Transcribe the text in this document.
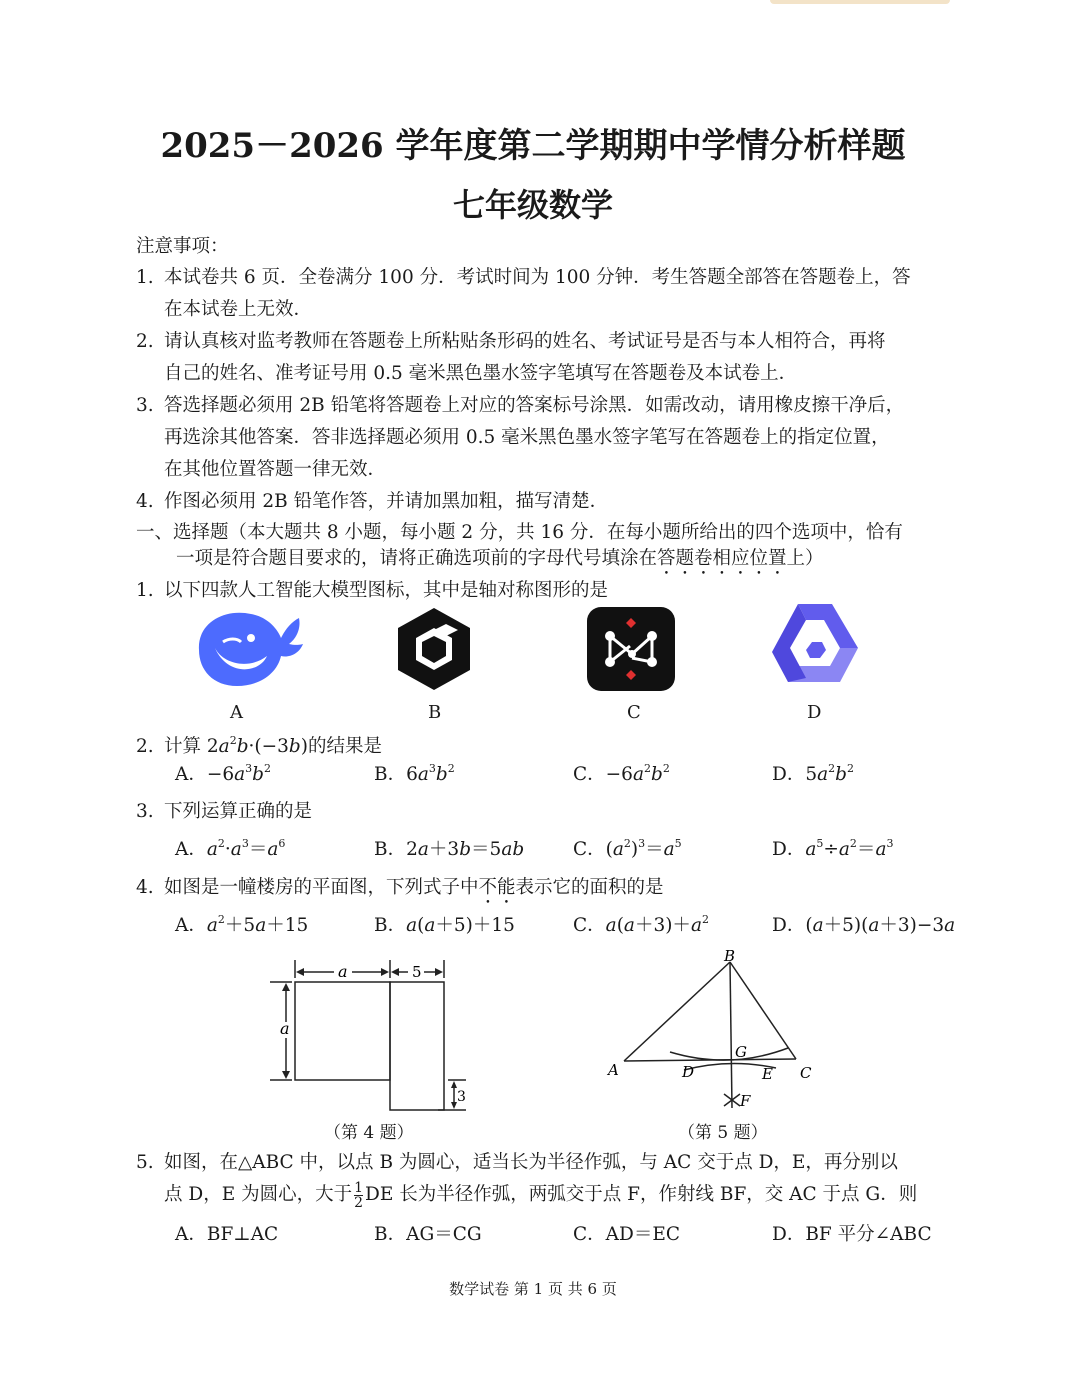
2025－2026 学年度第二学期期中学情分析样题
七年级数学
注意事项：
1. 本试卷共 6 页．全卷满分 100 分．考试时间为 100 分钟．考生答题全部答在答题卷上，答
在本试卷上无效．
2. 请认真核对监考教师在答题卷上所粘贴条形码的姓名、考试证号是否与本人相符合，再将
自己的姓名、准考证号用 0.5 毫米黑色墨水签字笔填写在答题卷及本试卷上．
3. 答选择题必须用 2B 铅笔将答题卷上对应的答案标号涂黑．如需改动，请用橡皮擦干净后，
再选涂其他答案．答非选择题必须用 0.5 毫米黑色墨水签字笔写在答题卷上的指定位置，
在其他位置答题一律无效．
4. 作图必须用 2B 铅笔作答，并请加黑加粗，描写清楚．
一、选择题（本大题共 8 小题，每小题 2 分，共 16 分．在每小题所给出的四个选项中，恰有
一项是符合题目要求的，请将正确选项前的字母代号填涂在答题卷相应位置上）
1. 以下四款人工智能大模型图标，其中是轴对称图形的是
A	B	C	D
2. 计算 $2a^2b\cdot(-3b)$的结果是
A．$-6a^3b^2$	B．$6a^3b^2$	C．$-6a^2b^2$	D．$5a^2b^2$
3. 下列运算正确的是
A．$a^2\cdot a^3=a^6$	B．2a＋3b＝5ab	C．$(a^2)^3=a^5$	D．$a^5\div a^2=a^3$
4. 如图是一幢楼房的平面图，下列式子中不能表示它的面积的是
A．$a^2+5a+15$	B．a(a＋5)＋15	C．$a(a+3)+a^2$	D．(a＋5)(a＋3)−3a
a	5
a
3
（第 4 题）
B
A	C
D	E
F
G
（第 5 题）
5. 如图，在△ABC 中，以点 B 为圆心，适当长为半径作弧，与 AC 交于点 D，E，再分别以
点 D，E 为圆心，大于 $\frac{1}{2}$ DE 长为半径作弧，两弧交于点 F，作射线 BF，交 AC 于点 G．则
A．BF⊥AC	B．AG＝CG	C．AD＝EC	D．BF 平分∠ABC
数学试卷 第 1 页 共 6 页
